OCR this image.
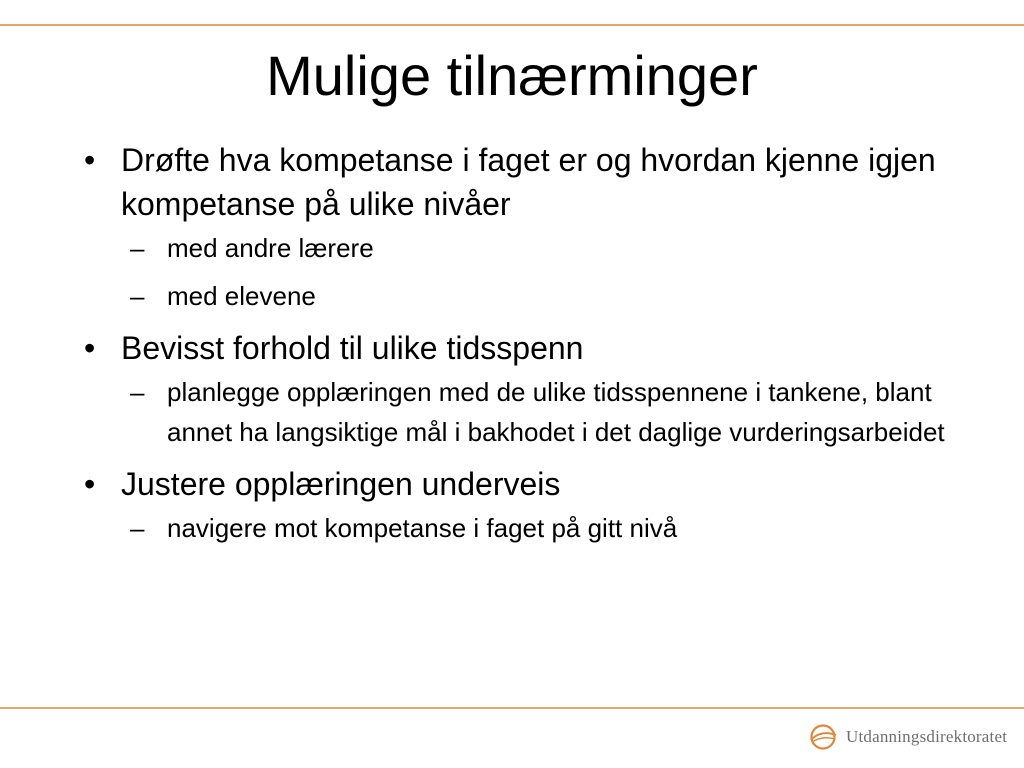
Mulige tilnærminger
• Drøfte hva kompetanse i faget er og hvordan kjenne igjen kompetanse på ulike nivåer
– med andre lærere
– med elevene
• Bevisst forhold til ulike tidsspenn
– planlegge opplæringen med de ulike tidsspennene i tankene, blant annet ha langsiktige mål i bakhodet i det daglige vurderingsarbeidet
• Justere opplæringen underveis
– navigere mot kompetanse i faget på gitt nivå
Utdanningsdirektoratet
